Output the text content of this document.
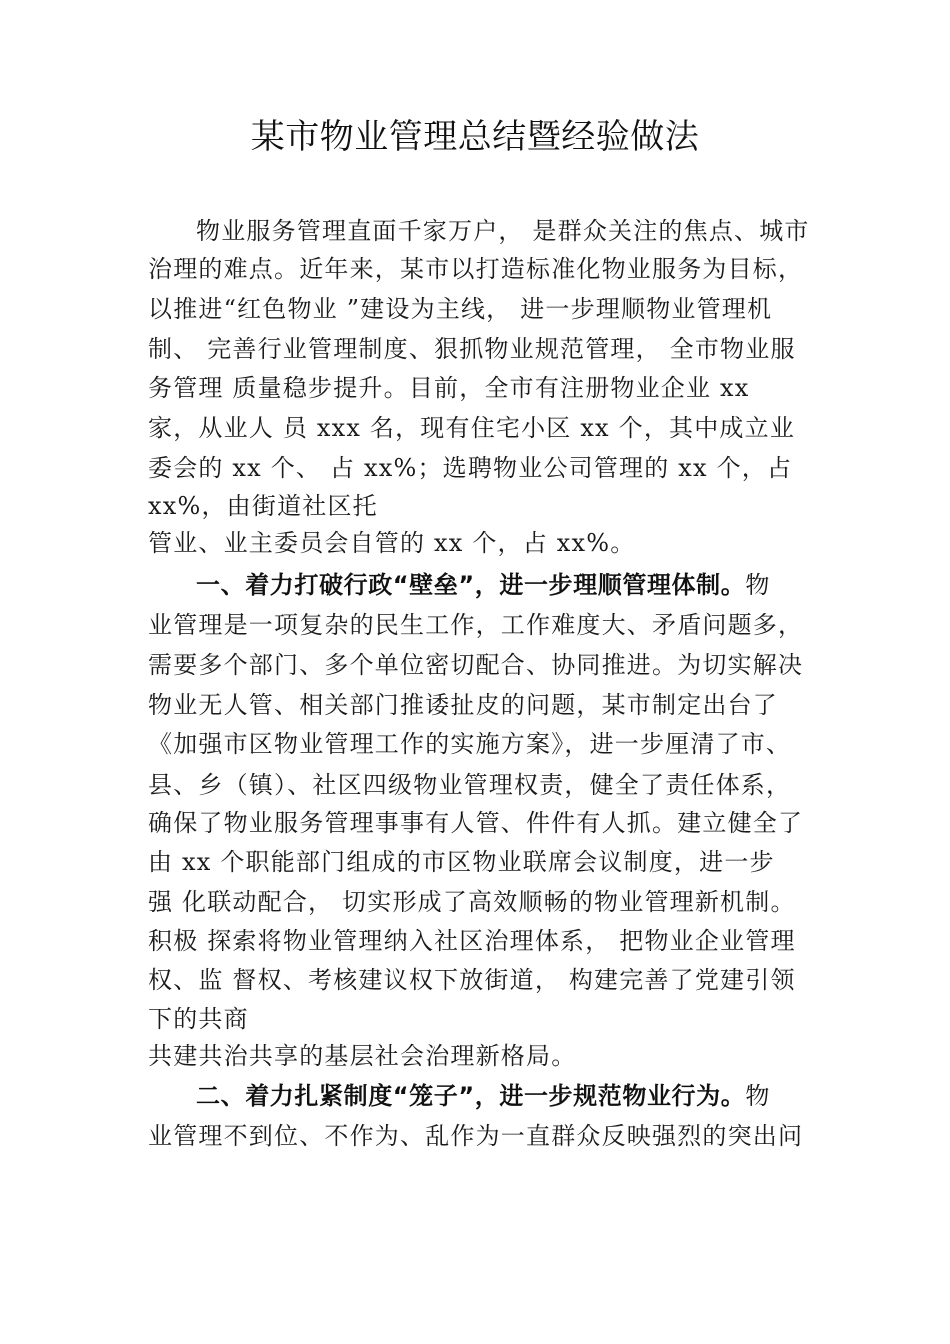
某市物业管理总结暨经验做法
物业服务管理直面千家万户， 是群众关注的焦点、城市
治理的难点。近年来，某市以打造标准化物业服务为目标，
以推进“红色物业 ”建设为主线， 进一步理顺物业管理机
制、 完善行业管理制度、狠抓物业规范管理， 全市物业服
务管理 质量稳步提升。目前，全市有注册物业企业 xx
家，从业人 员 xxx 名，现有住宅小区 xx 个，其中成立业
委会的 xx 个、 占 xx%；选聘物业公司管理的 xx 个，占
xx%，由街道社区托
管业、业主委员会自管的 xx 个，占 xx%。
一、着力打破行政“壁垒”，进一步理顺管理体制。物
业管理是一项复杂的民生工作，工作难度大、矛盾问题多，
需要多个部门、多个单位密切配合、协同推进。为切实解决
物业无人管、相关部门推诿扯皮的问题，某市制定出台了
《加强市区物业管理工作的实施方案》，进一步厘清了市、
县、乡（镇）、社区四级物业管理权责，健全了责任体系，
确保了物业服务管理事事有人管、件件有人抓。建立健全了
由 xx 个职能部门组成的市区物业联席会议制度，进一步
强 化联动配合， 切实形成了高效顺畅的物业管理新机制。
积极 探索将物业管理纳入社区治理体系， 把物业企业管理
权、监 督权、考核建议权下放街道， 构建完善了党建引领
下的共商
共建共治共享的基层社会治理新格局。
二、着力扎紧制度“笼子”，进一步规范物业行为。物
业管理不到位、不作为、乱作为一直群众反映强烈的突出问
